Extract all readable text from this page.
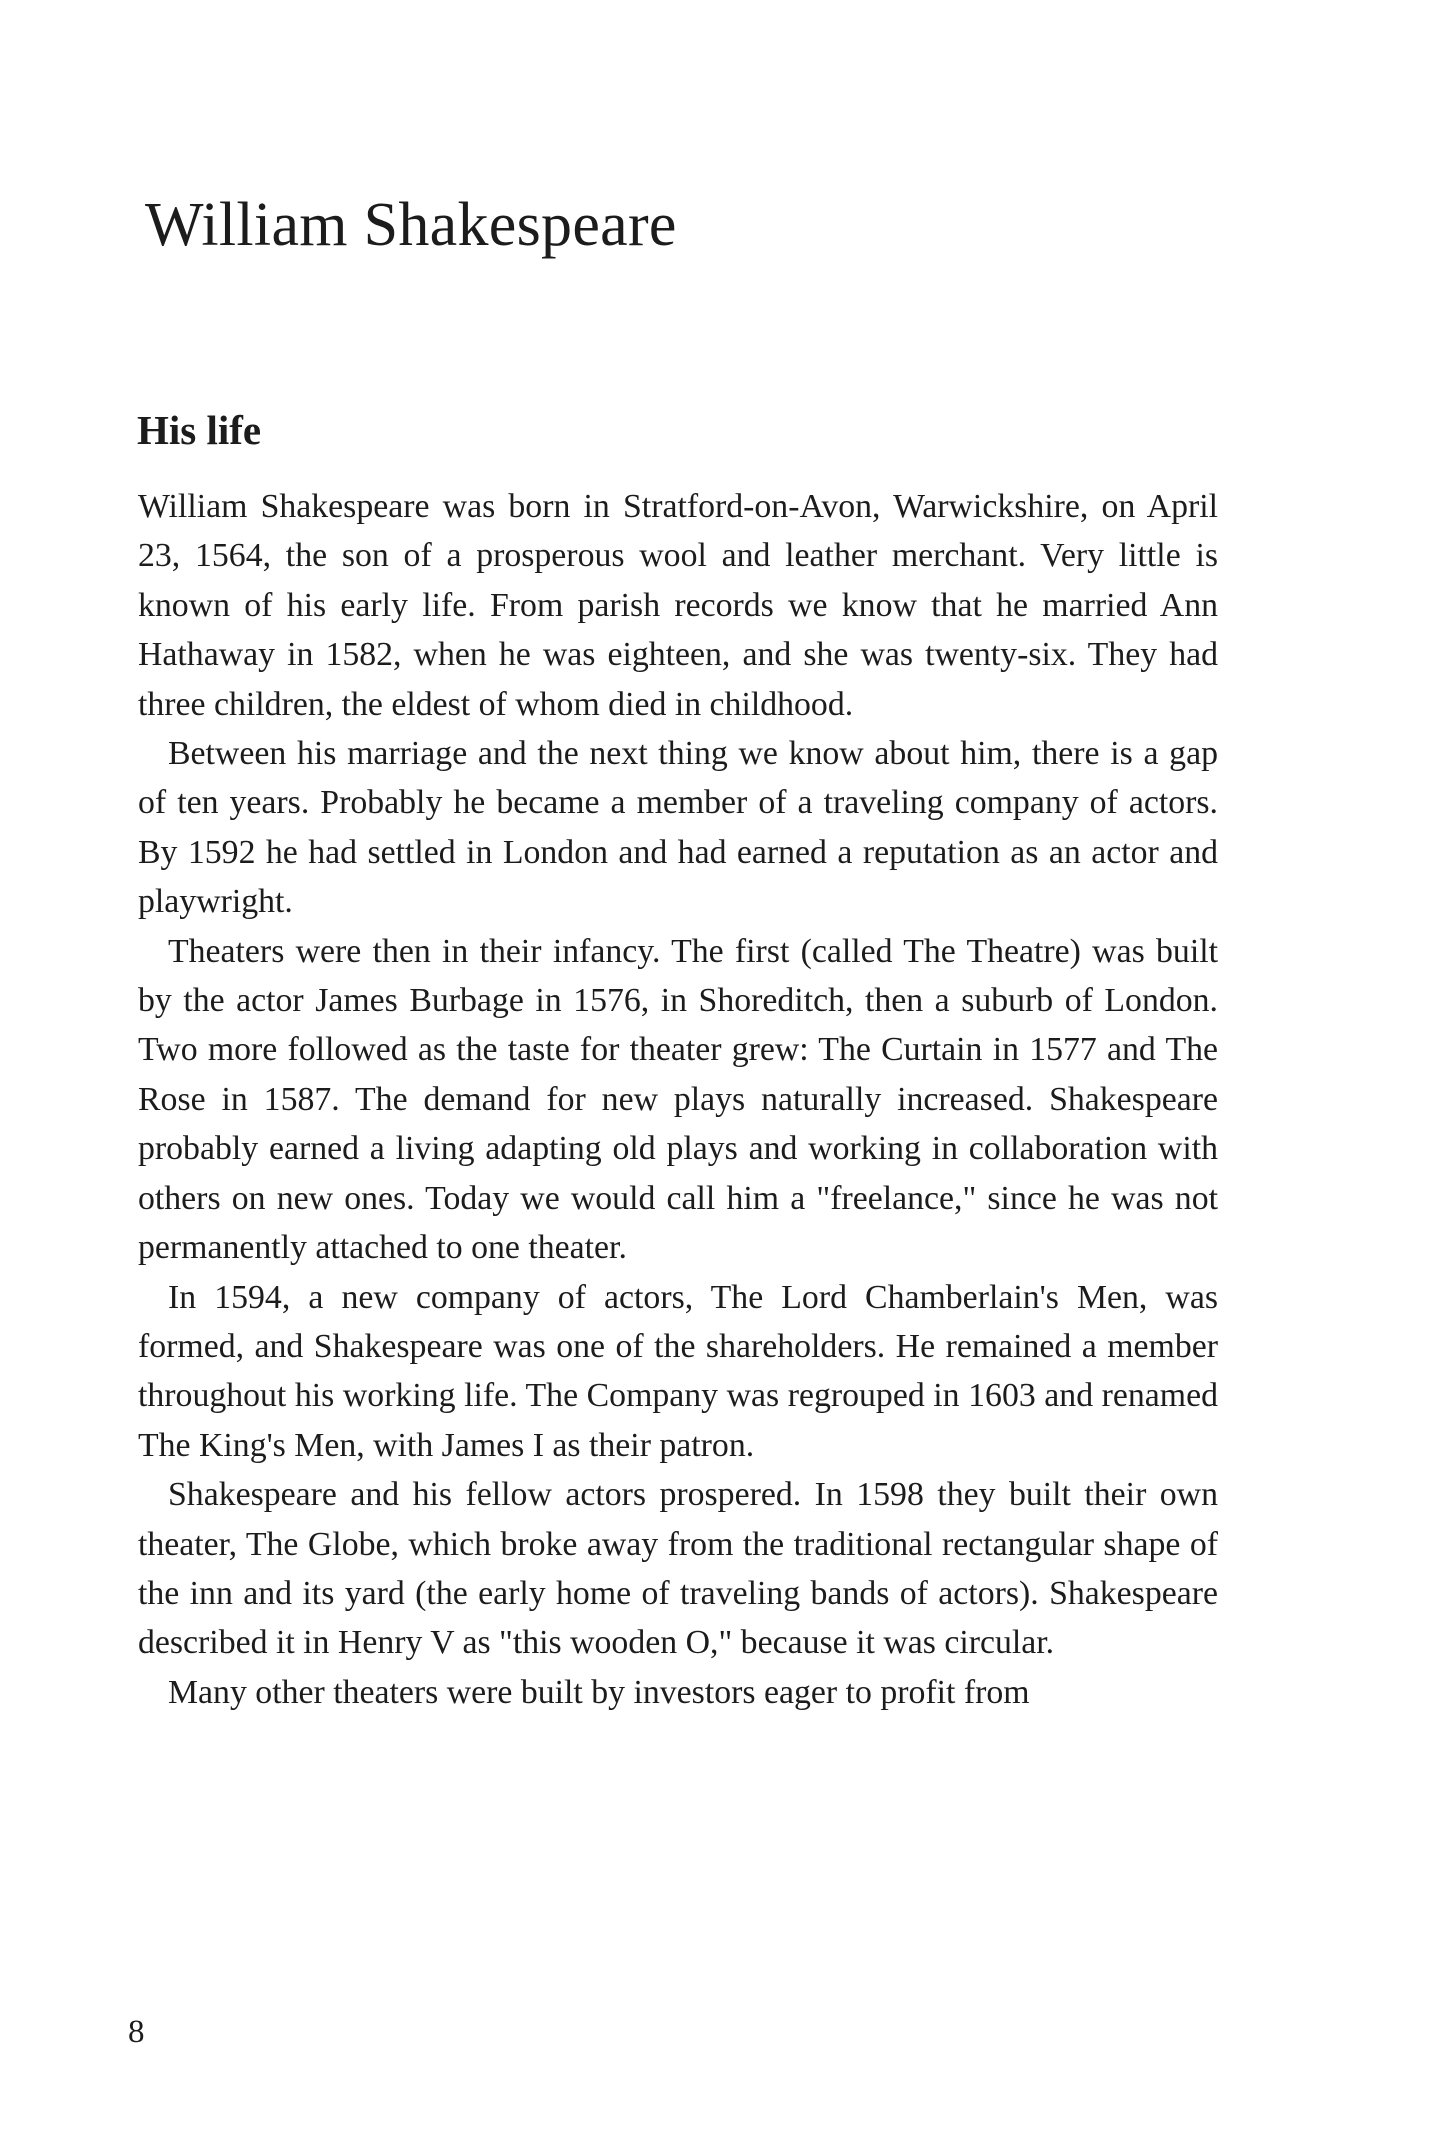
William Shakespeare
His life

William Shakespeare was born in Stratford-on-Avon, Warwickshire, on April 23, 1564, the son of a prosperous wool and leather merchant. Very little is known of his early life. From parish records we know that he married Ann Hathaway in 1582, when he was eighteen, and she was twenty-six. They had three children, the eldest of whom died in childhood.

Between his marriage and the next thing we know about him, there is a gap of ten years. Probably he became a member of a traveling company of actors. By 1592 he had settled in London and had earned a reputation as an actor and playwright.

Theaters were then in their infancy. The first (called The Theatre) was built by the actor James Burbage in 1576, in Shoreditch, then a suburb of London. Two more followed as the taste for theater grew: The Curtain in 1577 and The Rose in 1587. The demand for new plays naturally increased. Shakespeare probably earned a living adapting old plays and working in collaboration with others on new ones. Today we would call him a "freelance," since he was not permanently attached to one theater.

In 1594, a new company of actors, The Lord Chamberlain's Men, was formed, and Shakespeare was one of the shareholders. He remained a member throughout his working life. The Company was regrouped in 1603 and renamed The King's Men, with James I as their patron.

Shakespeare and his fellow actors prospered. In 1598 they built their own theater, The Globe, which broke away from the traditional rectangular shape of the inn and its yard (the early home of traveling bands of actors). Shakespeare described it in Henry V as "this wooden O," because it was circular.

Many other theaters were built by investors eager to profit from

8
